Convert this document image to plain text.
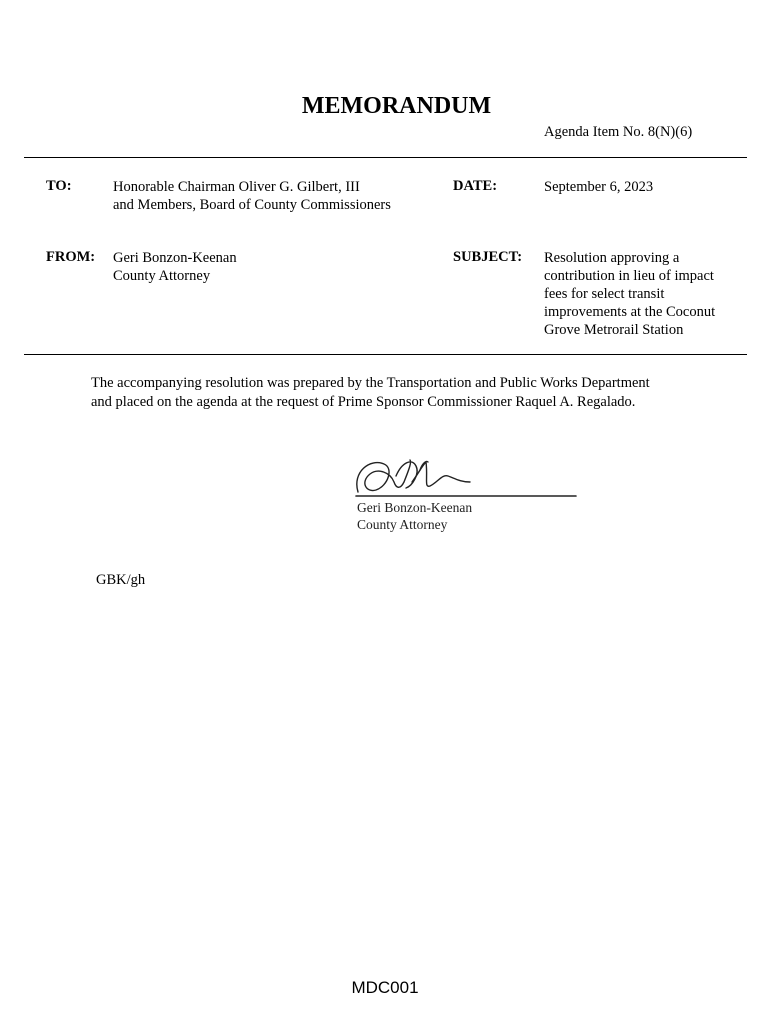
MEMORANDUM
Agenda Item No. 8(N)(6)
TO:	Honorable Chairman Oliver G. Gilbert, III
and Members, Board of County Commissioners
DATE:	September 6, 2023
FROM: Geri Bonzon-Keenan
County Attorney
SUBJECT: Resolution approving a
contribution in lieu of impact
fees for select transit
improvements at the Coconut
Grove Metrorail Station
The accompanying resolution was prepared by the Transportation and Public Works Department
and placed on the agenda at the request of Prime Sponsor Commissioner Raquel A. Regalado.
Geri Bonzon-Keenan
County Attorney
GBK/gh
MDC001
